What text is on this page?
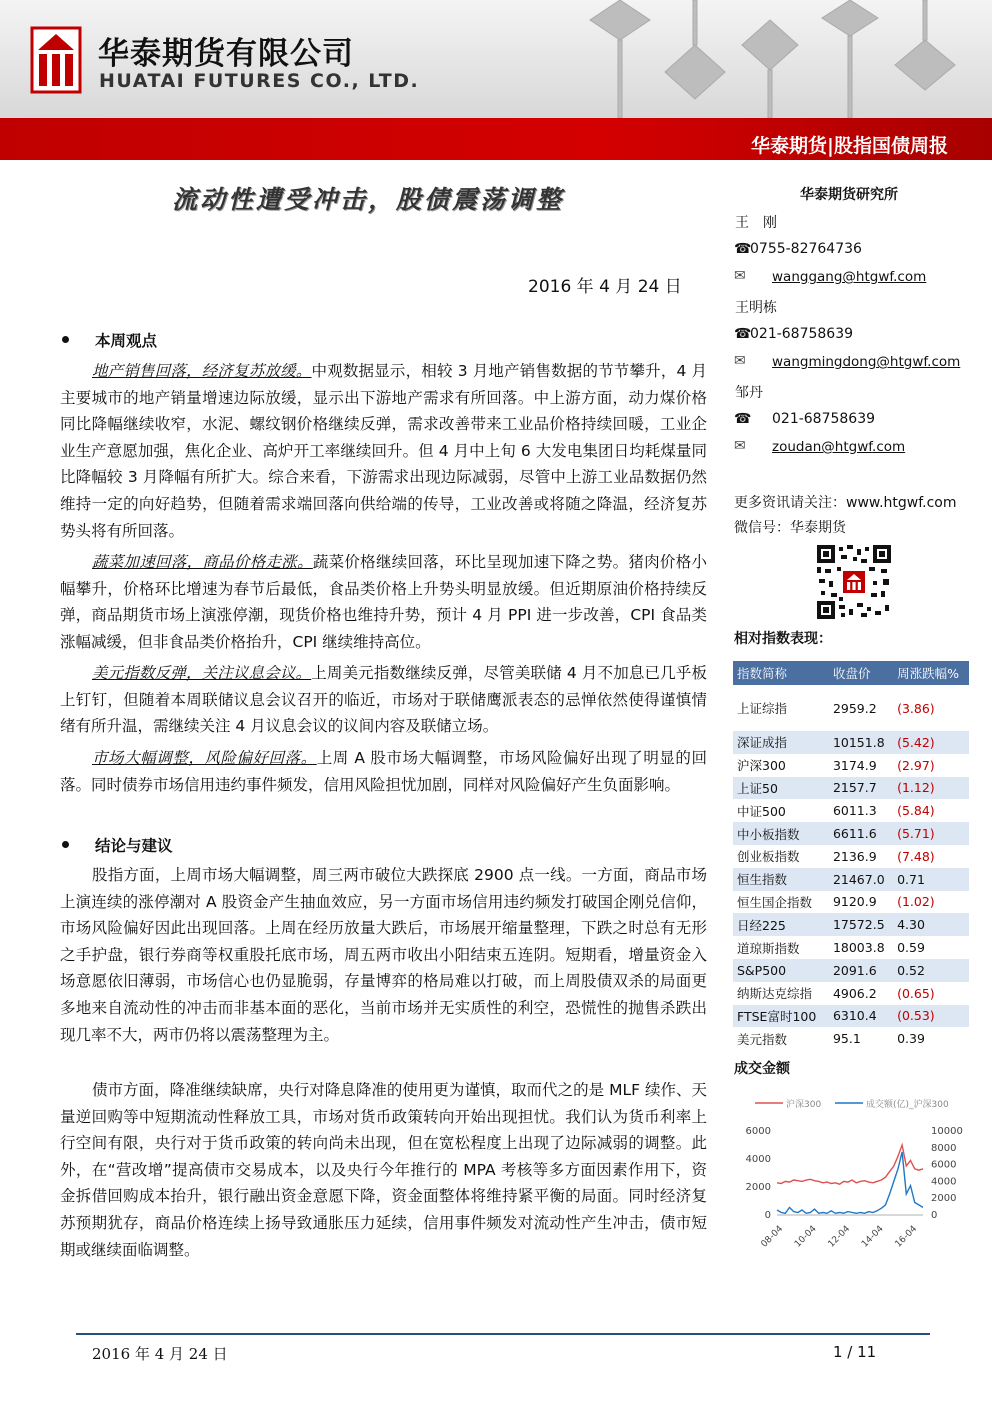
华泰期货有限公司
HUATAI FUTURES CO., LTD.
华泰期货|股指国债周报
流动性遭受冲击，股债震荡调整
2016 年 4 月 24 日
本周观点
地产销售回落，经济复苏放缓。中观数据显示，相较 3 月地产销售数据的节节攀升，4 月主要城市的地产销量增速边际放缓，显示出下游地产需求有所回落。中上游方面，动力煤价格同比降幅继续收窄，水泥、螺纹钢价格继续反弹，需求改善带来工业品价格持续回暖，工业企业生产意愿加强，焦化企业、高炉开工率继续回升。但 4 月中上旬 6 大发电集团日均耗煤量同比降幅较 3 月降幅有所扩大。综合来看，下游需求出现边际减弱，尽管中上游工业品数据仍然维持一定的向好趋势，但随着需求端回落向供给端的传导，工业改善或将随之降温，经济复苏势头将有所回落。
蔬菜加速回落，商品价格走涨。蔬菜价格继续回落，环比呈现加速下降之势。猪肉价格小幅攀升，价格环比增速为春节后最低，食品类价格上升势头明显放缓。但近期原油价格持续反弹，商品期货市场上演涨停潮，现货价格也维持升势，预计 4 月 PPI 进一步改善，CPI 食品类涨幅减缓，但非食品类价格抬升，CPI 继续维持高位。
美元指数反弹，关注议息会议。上周美元指数继续反弹，尽管美联储 4 月不加息已几乎板上钉钉，但随着本周联储议息会议召开的临近，市场对于联储鹰派表态的忌惮依然使得谨慎情绪有所升温，需继续关注 4 月议息会议的议间内容及联储立场。
市场大幅调整，风险偏好回落。上周 A 股市场大幅调整，市场风险偏好出现了明显的回落。同时债券市场信用违约事件频发，信用风险担忧加剧，同样对风险偏好产生负面影响。
结论与建议
股指方面，上周市场大幅调整，周三两市破位大跌探底 2900 点一线。一方面，商品市场上演连续的涨停潮对 A 股资金产生抽血效应，另一方面市场信用违约频发打破国企刚兑信仰，市场风险偏好因此出现回落。上周在经历放量大跌后，市场展开缩量整理，下跌之时总有无形之手护盘，银行券商等权重股托底市场，周五两市收出小阳结束五连阴。短期看，增量资金入场意愿依旧薄弱，市场信心也仍显脆弱，存量博弈的格局难以打破，而上周股债双杀的局面更多地来自流动性的冲击而非基本面的恶化，当前市场并无实质性的利空，恐慌性的抛售杀跌出现几率不大，两市仍将以震荡整理为主。
债市方面，降准继续缺席，央行对降息降准的使用更为谨慎，取而代之的是 MLF 续作、天量逆回购等中短期流动性释放工具，市场对货币政策转向开始出现担忧。我们认为货币利率上行空间有限，央行对于货币政策的转向尚未出现，但在宽松程度上出现了边际减弱的调整。此外，在“营改增”提高债市交易成本，以及央行今年推行的 MPA 考核等多方面因素作用下，资金拆借回购成本抬升，银行融出资金意愿下降，资金面整体将维持紧平衡的局面。同时经济复苏预期犹存，商品价格连续上扬导致通胀压力延续，信用事件频发对流动性产生冲击，债市短期或继续面临调整。
华泰期货研究所
王　刚
☎
0755-82764736
✉ wanggang@htgwf.com
王明栋
☎
021-68758639
✉ wangmingdong@htgwf.com
邹丹
☎ 021-68758639
✉ zoudan@htgwf.com
更多资讯请关注：www.htgwf.com
微信号：华泰期货
相对指数表现：
指数简称	收盘价	周涨跌幅%
上证综指	2959.2	(3.86)
深证成指	10151.8	(5.42)
沪深300	3174.9	(2.97)
上证50	2157.7	(1.12)
中证500	6011.3	(5.84)
中小板指数	6611.6	(5.71)
创业板指数	2136.9	(7.48)
恒生指数	21467.0	0.71
恒生国企指数	9120.9	(1.02)
日经225	17572.5	4.30
道琼斯指数	18003.8	0.59
S&P500	2091.6	0.52
纳斯达克综指	4906.2	(0.65)
FTSE富时100	6310.4	(0.53)
美元指数	95.1	0.39
成交金额
沪深300	成交额(亿)_沪深300
0
2000
4000
6000
0
2000
4000
6000
8000
10000
08-04 10-04 12-04 14-04 16-04
2016 年 4 月 24 日	1 / 11
